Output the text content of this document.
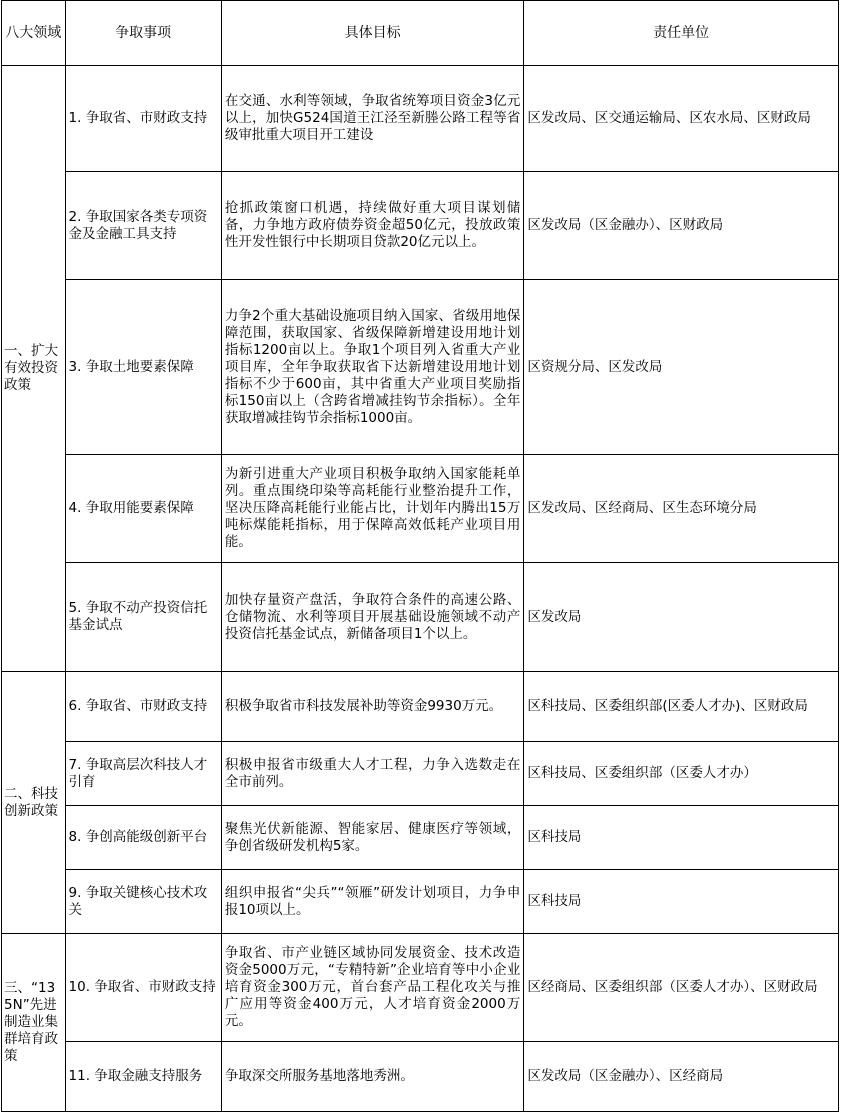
八大领域	争取事项	具体目标	责任单位
一、扩大有效投资政策	1. 争取省、市财政支持	在交通、水利等领域，争取省统筹项目资金3亿元以上，加快G524国道王江泾至新塍公路工程等省级审批重大项目开工建设	区发改局、区交通运输局、区农水局、区财政局
	2. 争取国家各类专项资金及金融工具支持	抢抓政策窗口机遇，持续做好重大项目谋划储备，力争地方政府债券资金超50亿元，投放政策性开发性银行中长期项目贷款20亿元以上。	区发改局（区金融办）、区财政局
	3. 争取土地要素保障	力争2个重大基础设施项目纳入国家、省级用地保障范围，获取国家、省级保障新增建设用地计划指标1200亩以上。争取1个项目列入省重大产业项目库，全年争取获取省下达新增建设用地计划指标不少于600亩，其中省重大产业项目奖励指标150亩以上（含跨省增减挂钩节余指标）。全年获取增减挂钩节余指标1000亩。	区资规分局、区发改局
	4. 争取用能要素保障	为新引进重大产业项目积极争取纳入国家能耗单列。重点围绕印染等高耗能行业整治提升工作，坚决压降高耗能行业能占比，计划年内腾出15万吨标煤能耗指标，用于保障高效低耗产业项目用能。	区发改局、区经商局、区生态环境分局
	5. 争取不动产投资信托基金试点	加快存量资产盘活，争取符合条件的高速公路、仓储物流、水利等项目开展基础设施领域不动产投资信托基金试点，新储备项目1个以上。	区发改局
二、科技创新政策	6. 争取省、市财政支持	积极争取省市科技发展补助等资金9930万元。	区科技局、区委组织部(区委人才办)、区财政局
	7. 争取高层次科技人才引育	积极申报省市级重大人才工程，力争入选数走在全市前列。	区科技局、区委组织部（区委人才办）
	8. 争创高能级创新平台	聚焦光伏新能源、智能家居、健康医疗等领域，争创省级研发机构5家。	区科技局
	9. 争取关键核心技术攻关	组织申报省“尖兵”“领雁”研发计划项目，力争申报10项以上。	区科技局
三、“135N”先进制造业集群培育政策	10. 争取省、市财政支持	争取省、市产业链区域协同发展资金、技术改造资金5000万元，“专精特新”企业培育等中小企业培育资金300万元，首台套产品工程化攻关与推广应用等资金400万元，人才培育资金2000万元。	区经商局、区委组织部（区委人才办）、区财政局
	11. 争取金融支持服务	争取深交所服务基地落地秀洲。	区发改局（区金融办）、区经商局
